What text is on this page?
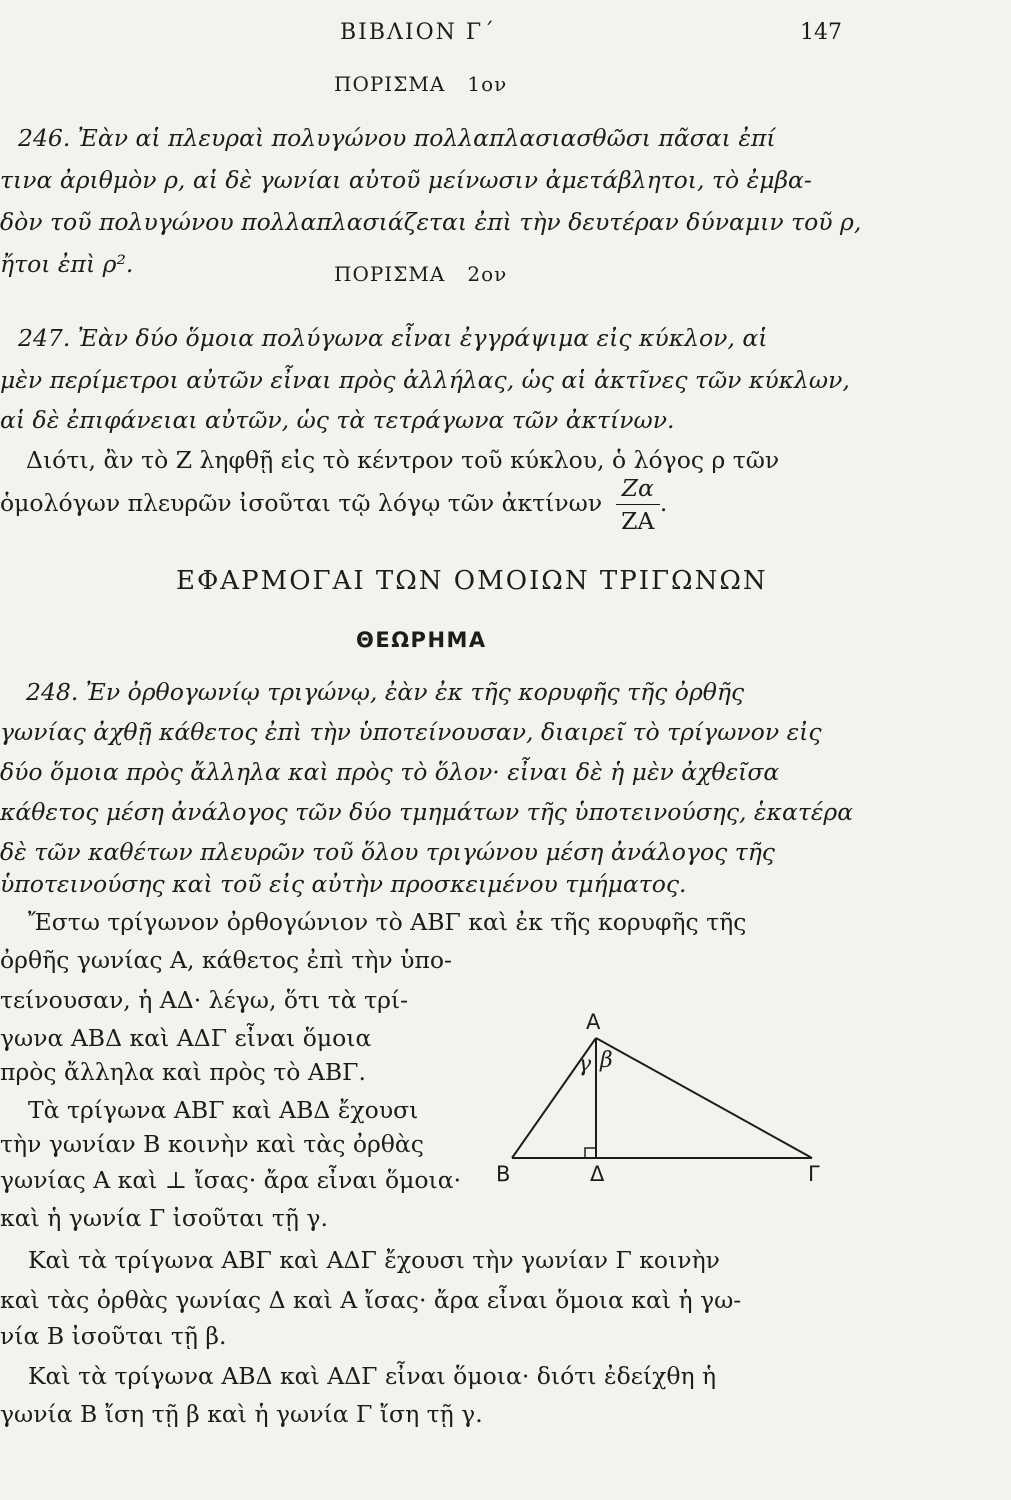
ΒΙΒΛΙΟΝ Γ΄	147
ΠΟΡΙΣΜΑ 1ον
246. Ἐὰν αἱ πλευραὶ πολυγώνου πολλαπλασιασθῶσι πᾶσαι ἐπί
τινα ἀριθμὸν ρ, αἱ δὲ γωνίαι αὐτοῦ μείνωσιν ἀμετάβλητοι, τὸ ἐμβα-
δὸν τοῦ πολυγώνου πολλαπλασιάζεται ἐπὶ τὴν δευτέραν δύναμιν τοῦ ρ,
ἤτοι ἐπὶ ρ².	ΠΟΡΙΣΜΑ 2ον
247. Ἐὰν δύο ὅμοια πολύγωνα εἶναι ἐγγράψιμα εἰς κύκλον, αἱ
μὲν περίμετροι αὐτῶν εἶναι πρὸς ἀλλήλας, ὡς αἱ ἀκτῖνες τῶν κύκλων,
αἱ δὲ ἐπιφάνειαι αὐτῶν, ὡς τὰ τετράγωνα τῶν ἀκτίνων.
Διότι, ἂν τὸ Ζ ληφθῇ εἰς τὸ κέντρον τοῦ κύκλου, ὁ λόγος ρ τῶν
ὁμολόγων πλευρῶν ἰσοῦται τῷ λόγῳ τῶν ἀκτίνων $\frac{Z\alpha}{ZA}$ .
ΕΦΑΡΜΟΓΑΙ ΤΩΝ ΟΜΟΙΩΝ ΤΡΙΓΩΝΩΝ
ΘΕΩΡΗΜΑ
248. Ἐν ὀρθογωνίῳ τριγώνῳ, ἐὰν ἐκ τῆς κορυφῆς τῆς ὀρθῆς
γωνίας ἀχθῇ κάθετος ἐπὶ τὴν ὑποτείνουσαν, διαιρεῖ τὸ τρίγωνον εἰς
δύο ὅμοια πρὸς ἄλληλα καὶ πρὸς τὸ ὅλον· εἶναι δὲ ἡ μὲν ἀχθεῖσα
κάθετος μέση ἀνάλογος τῶν δύο τμημάτων τῆς ὑποτεινούσης, ἑκατέρα
δὲ τῶν καθέτων πλευρῶν τοῦ ὅλου τριγώνου μέση ἀνάλογος τῆς
ὑποτεινούσης καὶ τοῦ εἰς αὐτὴν προσκειμένου τμήματος.
Ἔστω τρίγωνον ὀρθογώνιον τὸ ΑΒΓ καὶ ἐκ τῆς κορυφῆς τῆς
ὀρθῆς γωνίας Α, κάθετος ἐπὶ τὴν ὑπο-
τείνουσαν, ἡ ΑΔ· λέγω, ὅτι τὰ τρί-
γωνα ΑΒΔ καὶ ΑΔΓ εἶναι ὅμοια
πρὸς ἄλληλα καὶ πρὸς τὸ ΑΒΓ.
Τὰ τρίγωνα ΑΒΓ καὶ ΑΒΔ ἔχουσι
τὴν γωνίαν Β κοινὴν καὶ τὰς ὀρθὰς
γωνίας Α καὶ ⊥ ἴσας· ἄρα εἶναι ὅμοια·
καὶ ἡ γωνία Γ ἰσοῦται τῇ γ.
Καὶ τὰ τρίγωνα ΑΒΓ καὶ ΑΔΓ ἔχουσι τὴν γωνίαν Γ κοινὴν
καὶ τὰς ὀρθὰς γωνίας Δ καὶ Α ἴσας· ἄρα εἶναι ὅμοια καὶ ἡ γω-
νία Β ἰσοῦται τῇ β.
Καὶ τὰ τρίγωνα ΑΒΔ καὶ ΑΔΓ εἶναι ὅμοια· διότι ἐδείχθη ἡ
γωνία Β ἴση τῇ β καὶ ἡ γωνία Γ ἴση τῇ γ.
Α
Β	Δ	Γ
γ β
